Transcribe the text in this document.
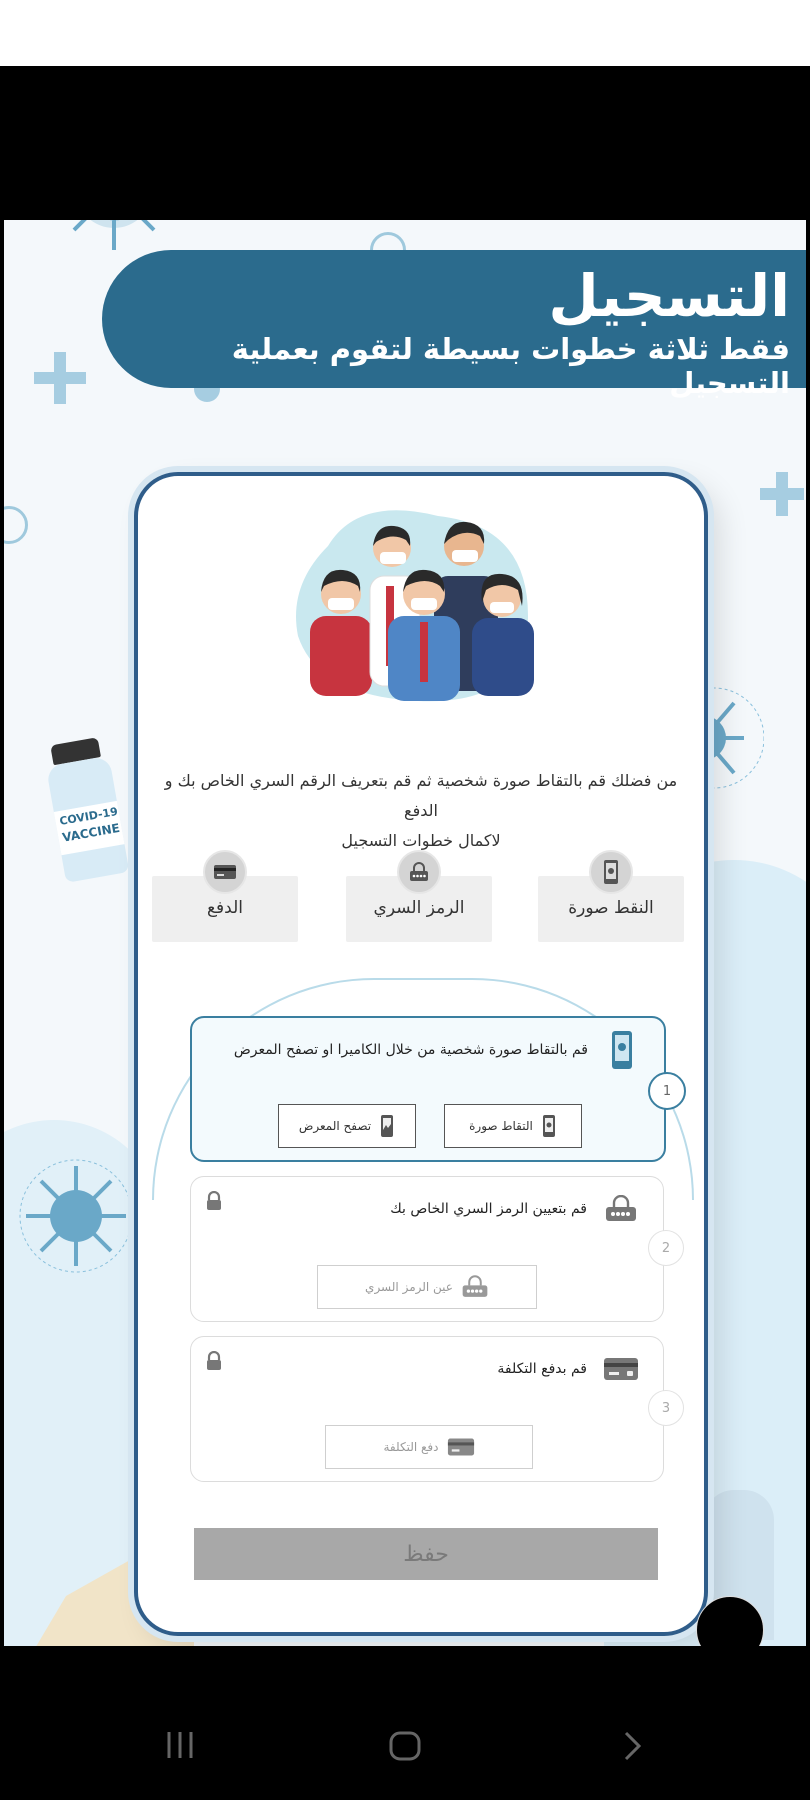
COVID-19
VACCINE
التسجيل
فقط ثلاثة خطوات بسيطة لتقوم بعملية التسجيل
من فضلك قم بالتقاط صورة شخصية ثم قم بتعريف الرقم السري الخاص بك و الدفع
لاكمال خطوات التسجيل
النقط صورة
الرمز السري
الدفع
قم بالتقاط صورة شخصية من خلال الكاميرا او تصفح المعرض
التقاط صورة
تصفح المعرض
1
قم بتعيين الرمز السري الخاص بك
عين الرمز السري
2
قم بدفع التكلفة
دفع التكلفة
3
حفظ
